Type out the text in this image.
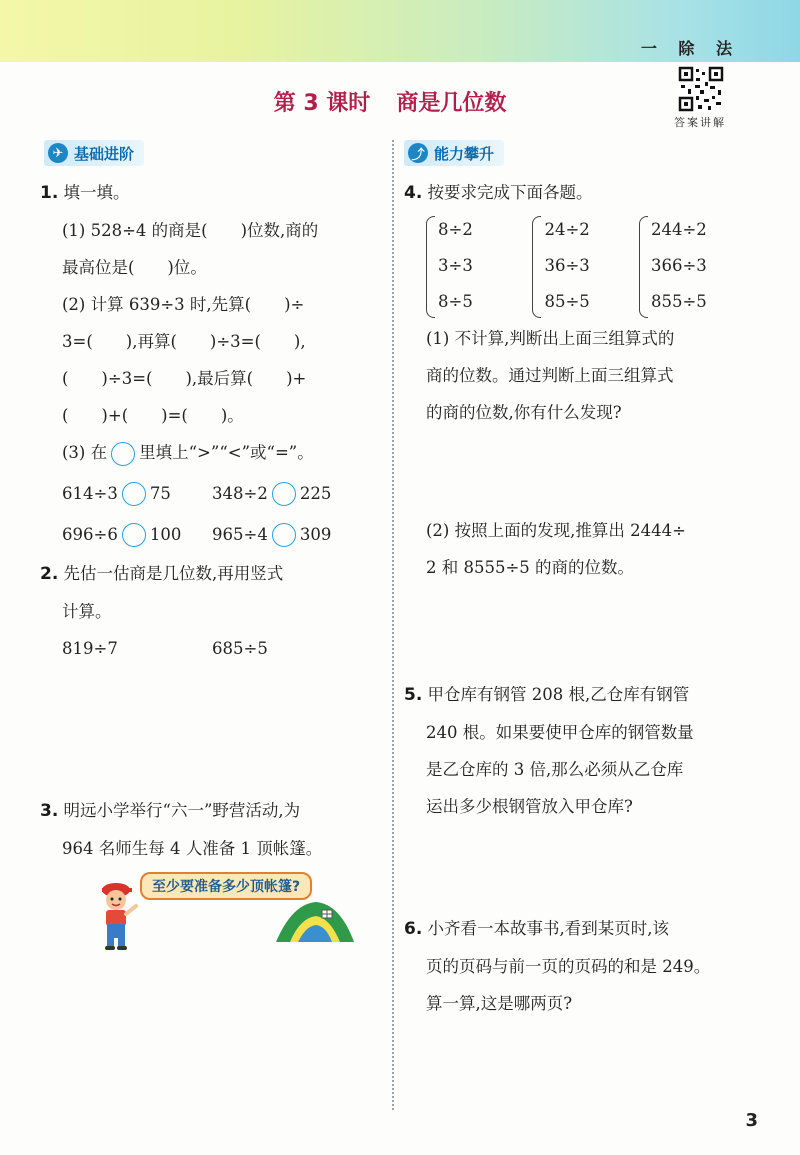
一 除 法
答案讲解
第 3 课时 商是几位数
✈ 基础进阶	⤴ 能力攀升
1. 填一填。
(1) 528÷4 的商是(　　)位数,商的
最高位是(　　)位。
(2) 计算 639÷3 时,先算(　　)÷
3=(　　),再算(　　)÷3=(　　),
(　　)÷3=(　　),最后算(　　)+
(　　)+(　　)=(　　)。
(3) 在 里填上“>”“<”或“=”。
614÷3 75 348÷2 225
696÷6 100 965÷4 309
2. 先估一估商是几位数,再用竖式
计算。
819÷7	685÷5
3. 明远小学举行“六一”野营活动,为
964 名师生每 4 人准备 1 顶帐篷。
至少要准备多少顶帐篷?
4. 按要求完成下面各题。
8÷2
3÷3
8÷5
24÷2
36÷3
85÷5
244÷2
366÷3
855÷5
(1) 不计算,判断出上面三组算式的
商的位数。通过判断上面三组算式
的商的位数,你有什么发现?
(2) 按照上面的发现,推算出 2444÷
2 和 8555÷5 的商的位数。
5. 甲仓库有钢管 208 根,乙仓库有钢管
240 根。如果要使甲仓库的钢管数量
是乙仓库的 3 倍,那么必须从乙仓库
运出多少根钢管放入甲仓库?
6. 小齐看一本故事书,看到某页时,该
页的页码与前一页的页码的和是 249。
算一算,这是哪两页?
3
